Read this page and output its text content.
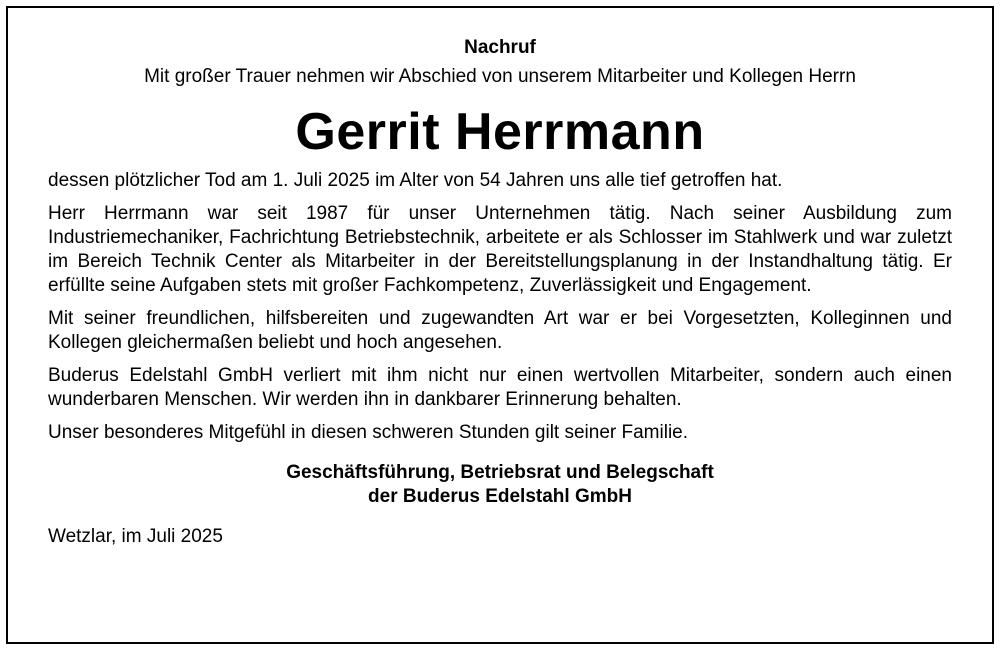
Nachruf

Mit großer Trauer nehmen wir Abschied von unserem Mitarbeiter und Kollegen Herrn

Gerrit Herrmann

dessen plötzlicher Tod am 1. Juli 2025 im Alter von 54 Jahren uns alle tief getroffen hat.

Herr Herrmann war seit 1987 für unser Unternehmen tätig. Nach seiner Ausbildung zum Industriemechaniker, Fachrichtung Betriebstechnik, arbeitete er als Schlosser im Stahlwerk und war zuletzt im Bereich Technik Center als Mitarbeiter in der Bereitstellungsplanung in der Instandhaltung tätig. Er erfüllte seine Aufgaben stets mit großer Fachkompetenz, Zuverlässigkeit und Engagement.

Mit seiner freundlichen, hilfsbereiten und zugewandten Art war er bei Vorgesetzten, Kolleginnen und Kollegen gleichermaßen beliebt und hoch angesehen.

Buderus Edelstahl GmbH verliert mit ihm nicht nur einen wertvollen Mitarbeiter, sondern auch einen wunderbaren Menschen. Wir werden ihn in dankbarer Erinnerung behalten.

Unser besonderes Mitgefühl in diesen schweren Stunden gilt seiner Familie.

Geschäftsführung, Betriebsrat und Belegschaft
der Buderus Edelstahl GmbH

Wetzlar, im Juli 2025
